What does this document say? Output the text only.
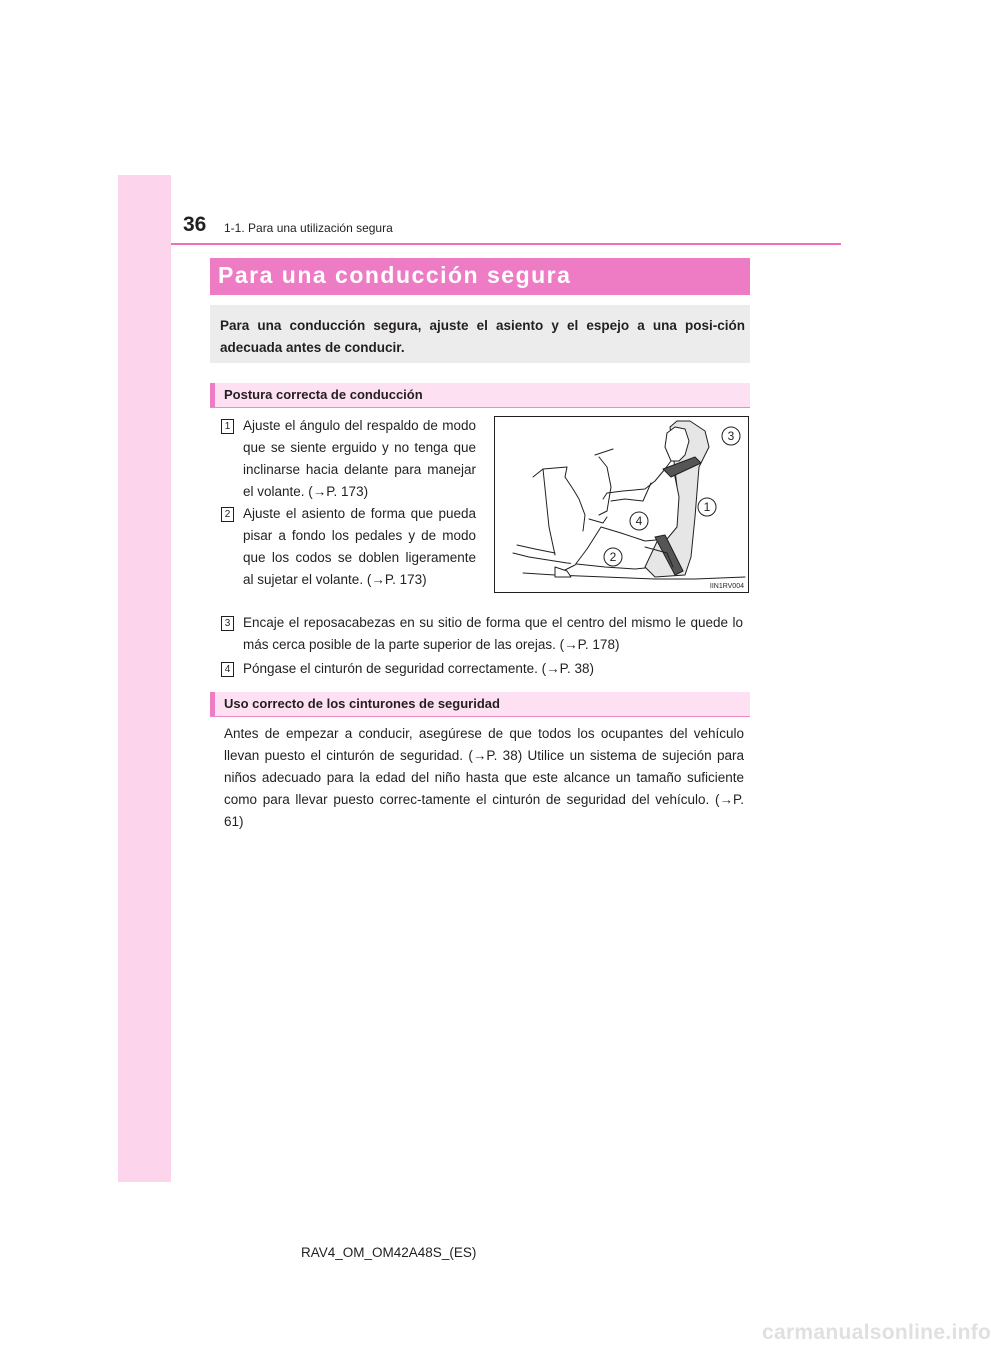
36 1-1. Para una utilización segura
Para una conducción segura
Para una conducción segura, ajuste el asiento y el espejo a una posi-ción adecuada antes de conducir.
Postura correcta de conducción
1 Ajuste el ángulo del respaldo de modo que se siente erguido y no tenga que inclinarse hacia delante para manejar el volante. (→P. 173)
2 Ajuste el asiento de forma que pueda pisar a fondo los pedales y de modo que los codos se doblen ligeramente al sujetar el volante. (→P. 173)
3 Encaje el reposacabezas en su sitio de forma que el centro del mismo le quede lo más cerca posible de la parte superior de las orejas. (→P. 178)
4 Póngase el cinturón de seguridad correctamente. (→P. 38)
3
1
4
2
IIN1RV004
Uso correcto de los cinturones de seguridad
Antes de empezar a conducir, asegúrese de que todos los ocupantes del vehículo llevan puesto el cinturón de seguridad. (→P. 38) Utilice un sistema de sujeción para niños adecuado para la edad del niño hasta que este alcance un tamaño suficiente como para llevar puesto correc-tamente el cinturón de seguridad del vehículo. (→P. 61)
RAV4_OM_OM42A48S_(ES)
carmanualsonline.info
